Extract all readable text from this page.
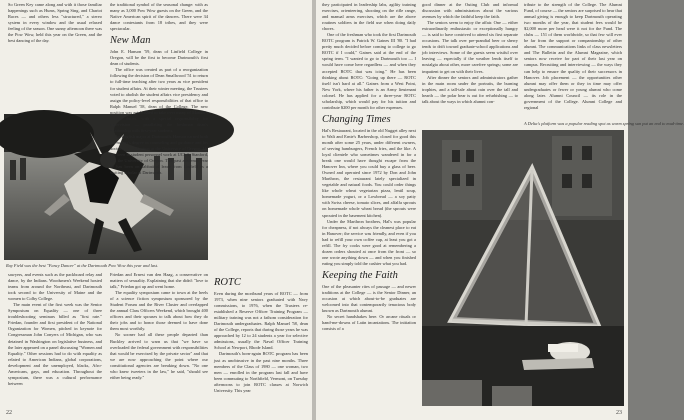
So Green Key came along and with it those familiar happenings such as Hums, Spring Sing, and Chariot Races — and others less "structured," a stereo system in every window and the usual relaxed feeling of the season. One sunny afternoon there was the Pow Wow, held this year on the Green, and the best dancing of the day.

Ray Field was the best "Fancy Dancer" at the Dartmouth Pow Wow this year and last.

sawyers, and events such as the packboard relay and dance, by the Indians. Woodsmen's Weekend hosted teams from around the Northeast, and Dartmouth took second to the University of Maine and the women to Colby College.

The main event of the first week was the Senior Symposium on Equality — one of three troubleshooting seminars billed as "first rate." Friedan, founder and first president of the National Organization for Women, pitched in keynote for Congressman John Conyers of Michigan, who was detained in Washington on legislative business, and the later appeared on a panel discussing "Women and Equality." Other sessions had to do with equality as related to American Indians, global corporations, development and the unemployed, blacks, Afro-Americans, gays, and education. Throughout the symposium, there was a cultural performance between

the traditional symbol of the seasonal change: with as many as 3,000 Pow Wow guests on the Green, and the Native American spirit of the dancers. There were 34 dance contestants from 18 tribes, and they were spectacular.

New Man

John E. Hanson '59, dean of Linfield College in Oregon, will be the first to become Dartmouth's first dean of students.

The office was created as part of a reorganization following the decision of Dean Smallwood '51 to return to full-time teaching after two years as vice president for student affairs. At their winter meeting, the Trustees voted to abolish the student affairs vice presidency and assign the policy-level responsibilities of that office to Ralph Manuel '58, dean of the College. The new position was established to take over many of Manuel's former duties, with a special responsibility for supervision — paralleling the freshman dean's relationship with first-year students.

An English major at Dartmouth, Hanson earned both his master's degree in counseling and guidance and his doctorate in education at the University of Oregon. He has been in student personnel work at UCLA, Stanford, and the University of Oregon. This past academic year he has been on sabbatical leave from Linfield as a visiting scholar at Dartmouth.

Friedan and Ernest van den Haag, a conservative on matters of sexuality. Explaining that she didn't "love to talk," Friedan got up and went home.

The equality symposium came to town at the heels of a science fiction symposium sponsored by the Student Forum and the River Cluster and overlapped the annual Class Officers Weekend, which brought 400 officers and their spouses to talk about how they do their jobs and to honor those deemed to have done them most worthily.

No sooner had all these people departed than Buckley arrived to warn us that "we have so overloaded the federal government with responsibilities that would be exercised by the private sector" and that we are now approaching the point where our constitutional agencies are breaking down. "No one who knew tweeters in the law," he said, "should see either being ready."

ROTC

Even during the moribund years of ROTC — from 1973, when nine seniors graduated with Navy commissions, to 1976, when the Trustees re-established a Reserve Officer Training Program — military training was not a fathom consideration for Dartmouth undergraduates. Ralph Manuel '58, dean of the College, reports that during those years he was approached by 12 to 24 students a year for selective admissions, usually the Naval Officer Training School at Newport, Rhode Island.

Dartmouth's born-again ROTC program has been just as unobtrusive in the past nine months. Three members of the Class of 1980 — one woman, two men — enrolled in the program last fall and have been commuting to Northfield, Vermont, on Tuesday afternoons to join ROTC classes at Norwich University. This year

22

they participated in leadership labs, agility training exercises, orienteering, shooting on the rifle range, and manual arms exercises, which are the above routines soldiers in the field use when doing daily chores.

One of the freshman who took the first Dartmouth ROTC program is Patrick W. Gaines III '80. "I had pretty much decided before coming to college to go ROTC if I could," Gaines said at the end of the spring term. "I wanted to go to Dartmouth too — I would have come here regardless — and when they accepted ROTC that was icing." He has been thinking about ROTC: "Going up there — ROTC itself isn't hard at all." Gaines from a West Point, New York, where his father is an Army lieutenant colonel. He has applied for a three-year ROTC scholarship, which would pay for his tuition and contribute $200 per month for other expenses.

Changing Times

Hal's Restaurant, located in the old Nugget alley next to Walt and Ernie's Barbershop, closed for good this month after some 25 years, under different owners, of serving hamburgers, French fries, and the like. A loyal clientele who sometimes wandered in for a break one would have thought escape from the Hanover Inn, where you could buy a glass of beer. Owned and operated since 1972 by Don and John Marthron, the restaurant lately specialized in vegetable and natural foods. You could order things like whole wheat vegetarian pizza, lentil soup, homemade yogurt, or a Lowbread — a soy patty with Swiss cheese, tomato slices, and alfalfa sprouts on homemade whole wheat bread (the sprouts were sprouted in the basement kitchen).

Under the Marthron brothers, Hal's was popular for cheapness, if not always the cleanest place to eat in Hanover; the service was friendly, and even if you had to refill your own coffee cup, at least you got a refill. The fry cooks were good at remembering a dozen orders shouted at once from the front — so one wrote anything down — and when you finished eating you simply told the cashier what you had.

Keeping the Faith

One of the pleasanter rites of passage — and newer traditions at the College — is the Senior Dinner, an occasion at which about-to-be graduates are welcomed into that contemporarily tenacious body known as Dartmouth alumni.

No secret handshakes here. Or arcane rituals or hand-me-downs of Latin incantations. The initiation consists of a

good dinner at the Outing Club and informal discussion with administrators about the various avenues by which the faithful keep the faith.

The seniors seem to enjoy the affair. One — either extraordinarily enthusiastic or exceptionally hungry — is said to have contrived to attend six first separate occasions. The talk over pre-prandial beer or sherry tends to drift toward graduate-school applications and job interviews. Some of the guests seem wistful over leaving — especially if the weather lends itself to nostalgia about other, more carefree springs; some are impatient to get on with their lives.

After dinner the seniors and administrators gather in the main room under the portraits, the burning trophies, and a tall-tale about rain over the tall and hearth — the polar bear is out for refurbishing — to talk about the ways in which alumni con-

tribute to the strength of the College. The Alumni Fund, of course — the seniors are surprised to hear that annual giving is enough to keep Dartmouth operating two months of the year, that student fees would be $2,000 more per head were it not for the Fund. The clubs — 151 of them worldwide, so that few will ever be far from the support or companionship of other alumni. The communications links of class newsletters and The Bulletin and the Alumni Magazine, which seniors now receive for part of their last year on campus. Recruiting and interviewing — the ways they can help to ensure the quality of their successors in Hanover. Job placement — the opportunities other alumni may offer them or they in time may offer undergraduates or fewer or young alumni who come along later. Alumni Council — its role in the government of the College. Alumni College and regional

A Delta's platform was a popular reading spot as warm spring sun put an end to mud-time.
23
